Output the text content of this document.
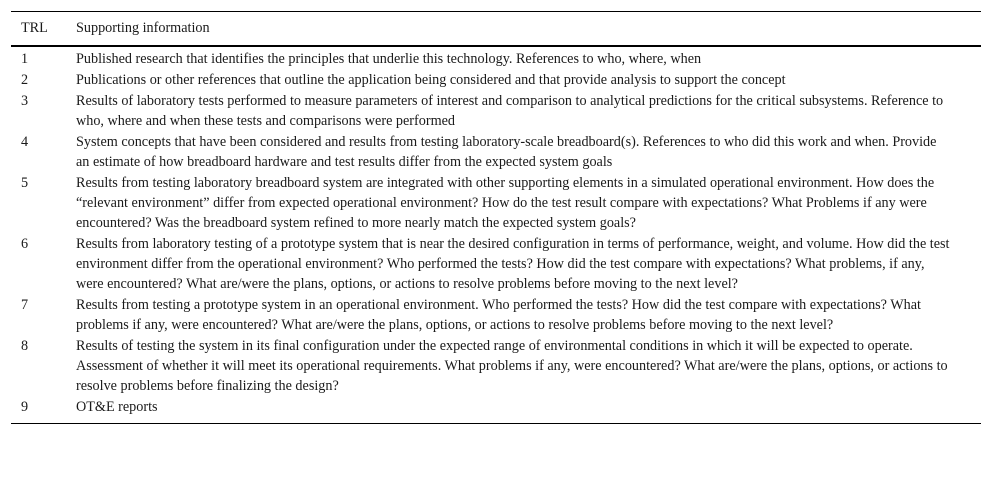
TRL	Supporting information
1	Published research that identifies the principles that underlie this technology. References to who, where, when
2	Publications or other references that outline the application being considered and that provide analysis to support the concept
3	Results of laboratory tests performed to measure parameters of interest and comparison to analytical predictions for the critical subsystems. Reference to who, where and when these tests and comparisons were performed
4	System concepts that have been considered and results from testing laboratory-scale breadboard(s). References to who did this work and when. Provide an estimate of how breadboard hardware and test results differ from the expected system goals
5	Results from testing laboratory breadboard system are integrated with other supporting elements in a simulated operational environment. How does the “relevant environment” differ from expected operational environment? How do the test result compare with expectations? What Problems if any were encountered? Was the breadboard system refined to more nearly match the expected system goals?
6	Results from laboratory testing of a prototype system that is near the desired configuration in terms of performance, weight, and volume. How did the test environment differ from the operational environment? Who performed the tests? How did the test compare with expectations? What problems, if any, were encountered? What are/were the plans, options, or actions to resolve problems before moving to the next level?
7	Results from testing a prototype system in an operational environment. Who performed the tests? How did the test compare with expectations? What problems if any, were encountered? What are/were the plans, options, or actions to resolve problems before moving to the next level?
8	Results of testing the system in its final configuration under the expected range of environmental conditions in which it will be expected to operate. Assessment of whether it will meet its operational requirements. What problems if any, were encountered? What are/were the plans, options, or actions to resolve problems before finalizing the design?
9	OT&E reports
